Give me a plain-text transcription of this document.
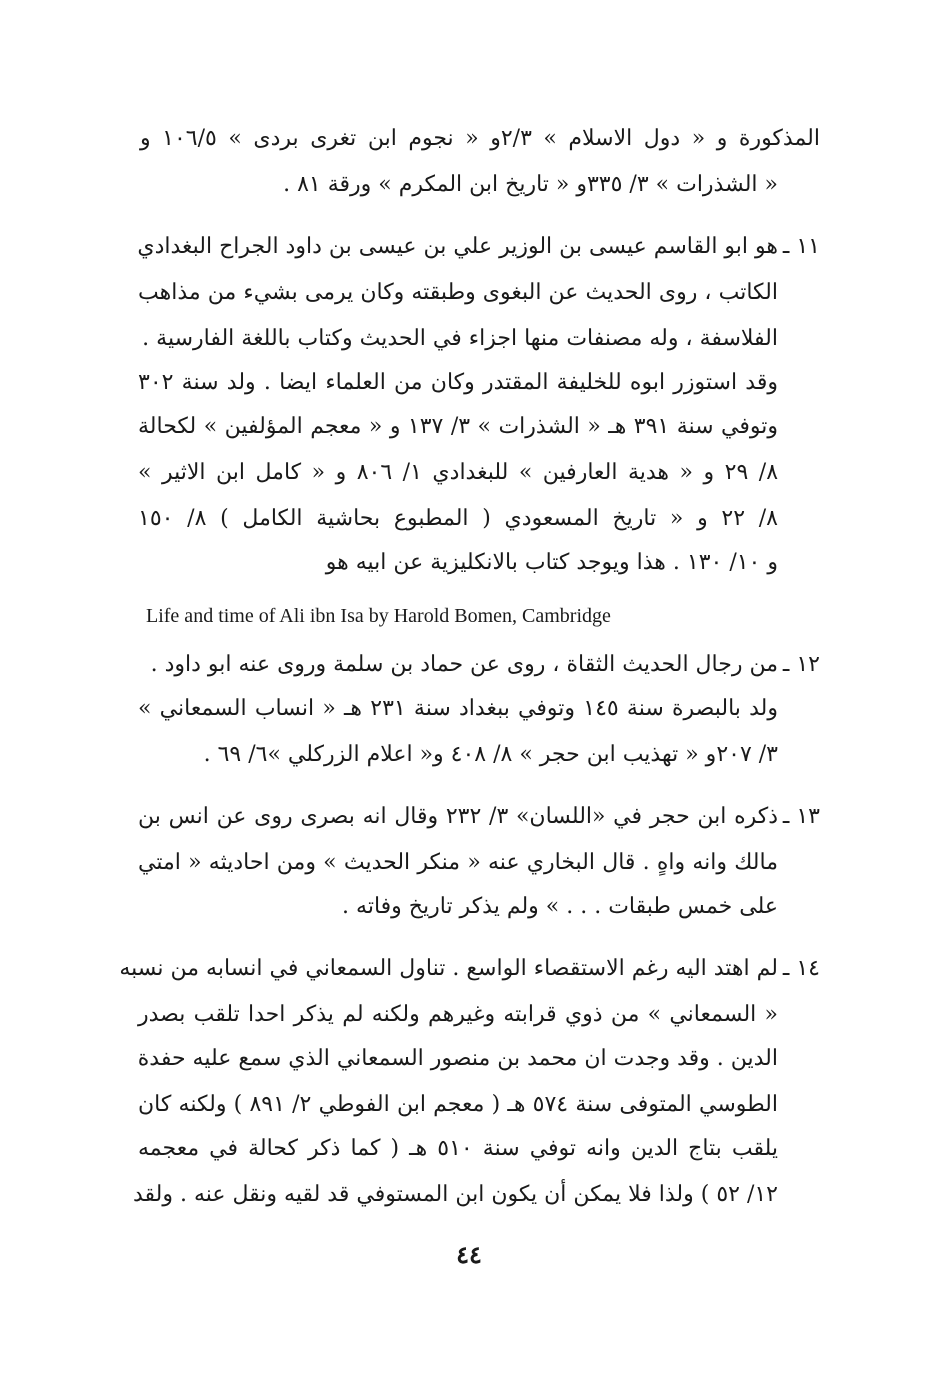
المذكورة و « دول الاسلام » ٢/٣و « نجوم ابن تغرى بردى » ١٠٦/٥ و
« الشذرات » ٣/ ٣٣٥و « تاريخ ابن المكرم » ورقة ٨١ .
١١ ـ
هو ابو القاسم عيسى بن الوزير علي بن عيسى بن داود الجراح البغدادي
الكاتب ، روى الحديث عن البغوى وطبقته وكان يرمى بشيء من مذاهب
الفلاسفة ، وله مصنفات منها اجزاء في الحديث وكتاب باللغة الفارسية .
وقد استوزر ابوه للخليفة المقتدر وكان من العلماء ايضا . ولد سنة ٣٠٢
وتوفي سنة ٣٩١ هـ « الشذرات » ٣/ ١٣٧ و « معجم المؤلفين » لكحالة
٨/ ٢٩ و « هدية العارفين » للبغدادي ١/ ٨٠٦ و « كامل ابن الاثير »
٨/ ٢٢ و « تاريخ المسعودي ( المطبوع بحاشية الكامل ) ٨/ ١٥٠
و ١٠/ ١٣٠ . هذا ويوجد كتاب بالانكليزية عن ابيه هو
Life and time of Ali ibn Isa by Harold Bomen, Cambridge
١٢ ـ
من رجال الحديث الثقاة ، روى عن حماد بن سلمة وروى عنه ابو داود .
ولد بالبصرة سنة ١٤٥ وتوفي ببغداد سنة ٢٣١ هـ « انساب السمعاني »
٣/ ٢٠٧و « تهذيب ابن حجر » ٨/ ٤٠٨ و« اعلام الزركلي »٦/ ٦٩ .
١٣ ـ
ذكره ابن حجر في «اللسان» ٣/ ٢٣٢ وقال انه بصرى روى عن انس بن
مالك وانه واهٍ . قال البخاري عنه « منكر الحديث » ومن احاديثه « امتي
على خمس طبقات . . . » ولم يذكر تاريخ وفاته .
١٤ ـ
لم اهتد اليه رغم الاستقصاء الواسع . تناول السمعاني في انسابه من نسبه
« السمعاني » من ذوي قرابته وغيرهم ولكنه لم يذكر احدا تلقب بصدر
الدين . وقد وجدت ان محمد بن منصور السمعاني الذي سمع عليه حفدة
الطوسي المتوفى سنة ٥٧٤ هـ ( معجم ابن الفوطي ٢/ ٨٩١ ) ولكنه كان
يلقب بتاج الدين وانه توفي سنة ٥١٠ هـ ( كما ذكر كحالة في معجمه
١٢/ ٥٢ ) ولذا فلا يمكن أن يكون ابن المستوفي قد لقيه ونقل عنه . ولقد
٤٤
